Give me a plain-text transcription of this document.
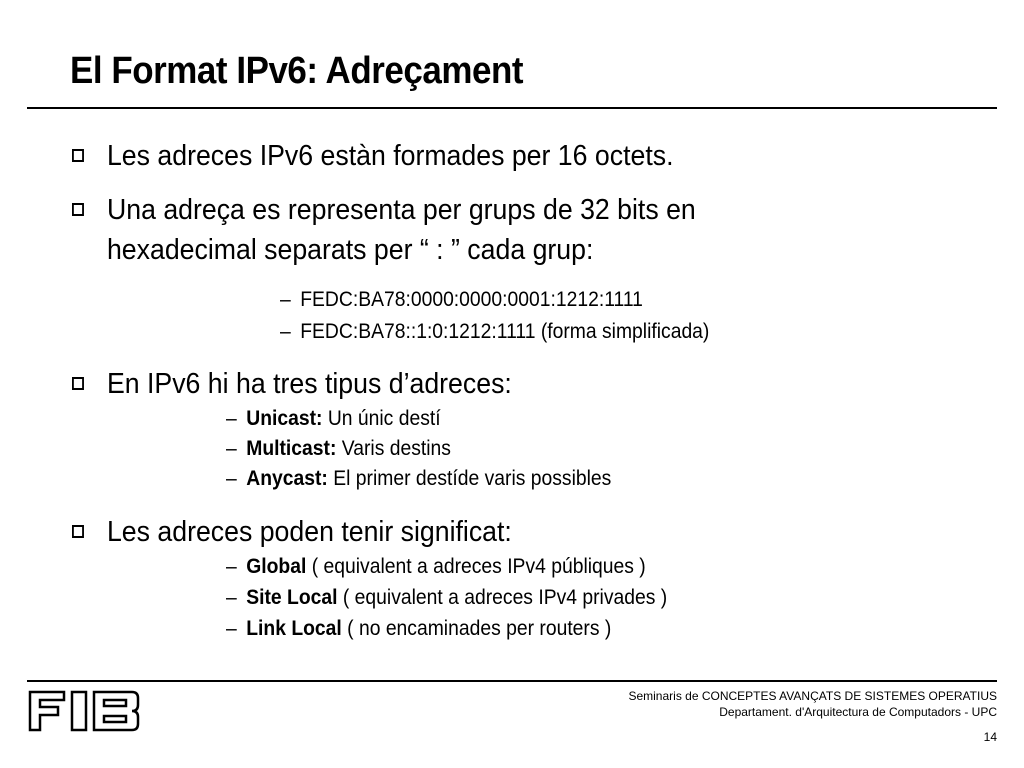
El Format IPv6: Adreçament
Les adreces IPv6 estàn formades per 16 octets.
Una adreça es representa per grups de 32 bits en hexadecimal separats per “ : ” cada grup:
– FEDC:BA78:0000:0000:0001:1212:1111
– FEDC:BA78::1:0:1212:1111 (forma simplificada)
En IPv6 hi ha tres tipus d’adreces:
– Unicast: Un únic destí
– Multicast: Varis destins
– Anycast: El primer destíde varis possibles
Les adreces poden tenir significat:
– Global ( equivalent a adreces IPv4 públiques )
– Site Local ( equivalent a adreces IPv4 privades )
– Link Local ( no encaminades per routers )
Seminaris de CONCEPTES AVANÇATS DE SISTEMES OPERATIUS
Departament. d'Arquitectura de Computadors - UPC
14
